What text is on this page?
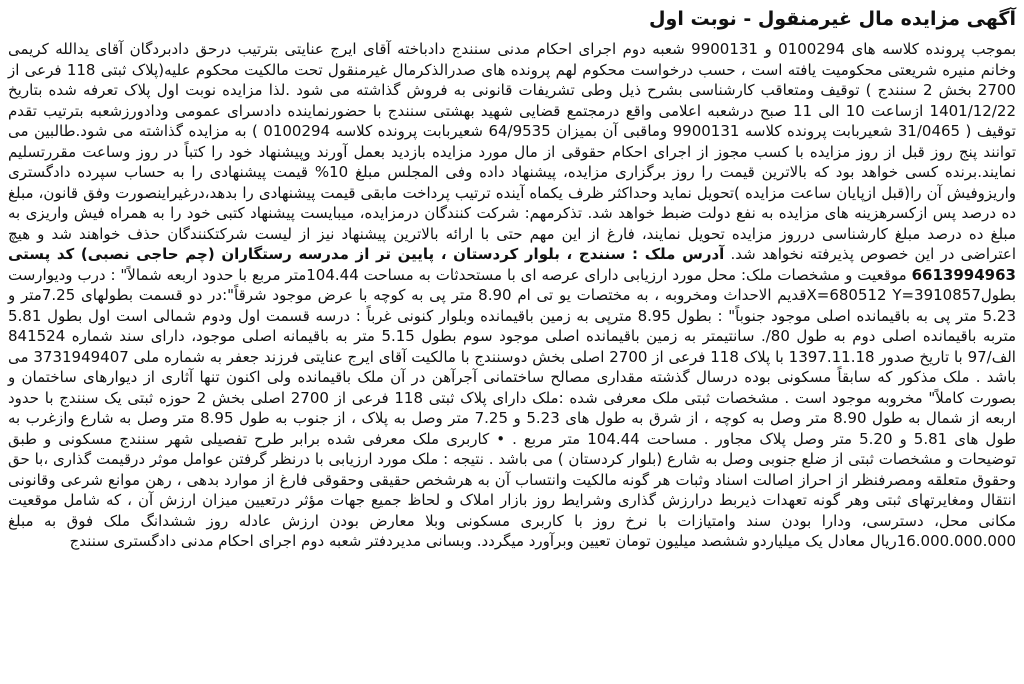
آگهی مزایده مال غیرمنقول - نوبت اول

بموجب پرونده کلاسه های 0100294 و 9900131 شعبه دوم اجرای احکام مدنی سنندج دادباخته آقای ایرج عنایتی بترتیب درحق دادبردگان آقای یدالله کریمی وخانم منیره شریعتی محکومیت یافته است ، حسب درخواست محکوم لهم پرونده های صدرالذکرمال غیرمنقول تحت مالکیت محکوم علیه(پلاک ثبتی 118 فرعی از 2700 بخش 2 سنندج ) توقیف ومتعاقب کارشناسی بشرح ذیل وطی تشریفات قانونی به فروش گذاشته می شود .لذا مزایده نوبت اول پلاک تعرفه شده بتاریخ 1401/12/22 ازساعت 10 الی 11 صبح درشعبه اعلامی واقع درمجتمع قضایی شهید بهشتی سنندج با حضورنماینده دادسرای عمومی ودادورزشعبه بترتیب تقدم توقیف ( 31/0465 شعیربابت پرونده کلاسه 9900131 وماقبی آن بمیزان 64/9535 شعیربابت پرونده کلاسه 0100294 ) به مزایده گذاشته می شود.طالبین می توانند پنج روز قبل از روز مزایده با کسب مجوز از اجرای احکام حقوقی از مال مورد مزایده بازدید بعمل آورند وپیشنهاد خود را کتباً در روز وساعت مقررتسلیم نمایند.برنده کسی خواهد بود که بالاترین قیمت را روز برگزاری مزایده، پیشنهاد داده وفی المجلس مبلغ 10% قیمت پیشنهادی را به حساب سپرده دادگستری واریزوفیش آن را(قبل ازپایان ساعت مزایده )تحویل نماید وحداکثر ظرف یکماه آینده ترتیب پرداخت مابقی قیمت پیشنهادی را بدهد،درغیراینصورت وفق قانون، مبلغ ده درصد پس ازکسرهزینه های مزایده به نفع دولت ضبط خواهد شد. تذکرمهم: شرکت کنندگان درمزایده، میبایست پیشنهاد کتبی خود را به همراه فیش واریزی به مبلغ ده درصد مبلغ کارشناسی درروز مزایده تحویل نمایند، فارغ از این مهم حتی با ارائه بالاترین پیشنهاد نیز از لیست شرکتکنندگان حذف خواهند شد و هیچ اعتراضی در این خصوص پذیرفته نخواهد شد. آدرس ملک : سنندج ، بلوار کردستان ، پایین تر از مدرسه رستگاران (چم حاجی نصبی) کد پستی 6613994963 موقعیت و مشخصات ملک: محل مورد ارزیابی دارای عرصه ای با مستحدثات به مساحت 104.44متر مربع با حدود اربعه شمالاً" : درب ودیوارست بطولX=680512 Y=3910857قدیم الاحداث ومخروبه ، به مختصات یو تی ام 8.90 متر پی به کوچه با عرض موجود شرقاً":در دو قسمت بطولهای 7.25متر و 5.23 متر پی به باقیمانده اصلی موجود جنوباً" : بطول 8.95 مترپی به زمین باقیمانده وبلوار کنونی غرباً : درسه قسمت اول ودوم شمالی است اول بطول 5.81 متربه باقیمانده اصلی دوم به طول 80/. سانتیمتر به زمین باقیمانده اصلی موجود سوم بطول 5.15 متر به باقیمانه اصلی موجود، دارای سند شماره 841524 الف/97 با تاریخ صدور 1397.11.18 با پلاک 118 فرعی از 2700 اصلی بخش دوسنندج با مالکیت آقای ایرج عنایتی فرزند جعفر به شماره ملی 3731949407 می باشد . ملک مذکور که سابقاً مسکونی بوده درسال گذشته مقداری مصالح ساختمانی آجرآهن در آن ملک باقیمانده ولی اکنون تنها آثاری از دیوارهای ساختمان و بصورت کاملاً" مخروبه موجود است . مشخصات ثبتی ملک معرفی شده :ملک دارای پلاک ثبتی 118 فرعی از 2700 اصلی بخش 2 حوزه ثبتی یک سنندج با حدود اربعه از شمال به طول 8.90 متر وصل به کوچه ، از شرق به طول های 5.23 و 7.25 متر وصل به پلاک ، از جنوب به طول 8.95 متر وصل به شارع وازغرب به طول های 5.81 و 5.20 متر وصل پلاک مجاور . مساحت 104.44 متر مربع . • کاربری ملک معرفی شده برابر طرح تفصیلی شهر سنندج مسکونی و طبق توضیحات و مشخصات ثبتی از ضلع جنوبی وصل به شارع (بلوار کردستان ) می باشد . نتیجه : ملک مورد ارزیابی با درنظر گرفتن عوامل موثر درقیمت گذاری ،با حق وحقوق متعلقه ومصرفنظر از احراز اصالت اسناد وثبات هر گونه مالکیت وانتساب آن به هرشخص حقیقی وحقوقی فارغ از موارد بدهی ، رهن موانع شرعی وقانونی انتقال ومغایرتهای ثبتی وهر گونه تعهدات ذیربط درارزش گذاری وشرایط روز بازار املاک و لحاظ جمیع جهات مؤثر درتعیین میزان ارزش آن ، که شامل موقعیت مکانی محل، دسترسی، ودارا بودن سند وامتیازات با نرخ روز با کاربری مسکونی وبلا معارض بودن ارزش عادله روز ششدانگ ملک فوق به مبلغ 16.000.000.000ریال معادل یک میلیاردو ششصد میلیون تومان تعیین وبرآورد میگردد. وبسانی مدیردفتر شعبه دوم اجرای احکام مدنی دادگستری سنندج
